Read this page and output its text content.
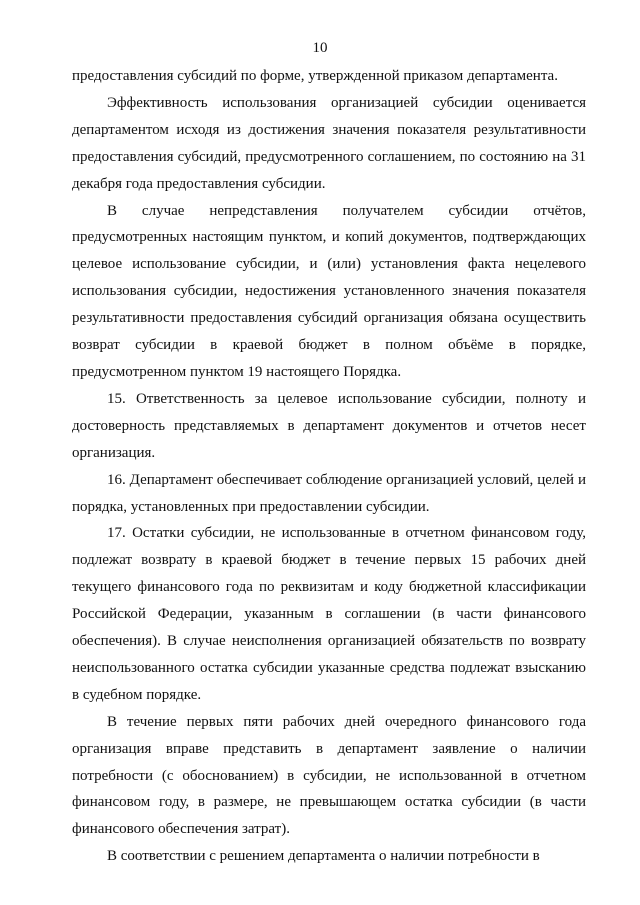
10

предоставления субсидий по форме, утвержденной приказом департамента.

Эффективность использования организацией субсидии оценивается департаментом исходя из достижения значения показателя результативности предоставления субсидий, предусмотренного соглашением, по состоянию на 31 декабря года предоставления субсидии.

В случае непредставления получателем субсидии отчётов, предусмотренных настоящим пунктом, и копий документов, подтверждающих целевое использование субсидии, и (или) установления факта нецелевого использования субсидии, недостижения установленного значения показателя результативности предоставления субсидий организация обязана осуществить возврат субсидии в краевой бюджет в полном объёме в порядке, предусмотренном пунктом 19 настоящего Порядка.

15. Ответственность за целевое использование субсидии, полноту и достоверность представляемых в департамент документов и отчетов несет организация.

16. Департамент обеспечивает соблюдение организацией условий, целей и порядка, установленных при предоставлении субсидии.

17. Остатки субсидии, не использованные в отчетном финансовом году, подлежат возврату в краевой бюджет в течение первых 15 рабочих дней текущего финансового года по реквизитам и коду бюджетной классификации Российской Федерации, указанным в соглашении (в части финансового обеспечения). В случае неисполнения организацией обязательств по возврату неиспользованного остатка субсидии указанные средства подлежат взысканию в судебном порядке.

В течение первых пяти рабочих дней очередного финансового года организация вправе представить в департамент заявление о наличии потребности (с обоснованием) в субсидии, не использованной в отчетном финансовом году, в размере, не превышающем остатка субсидии (в части финансового обеспечения затрат).

В соответствии с решением департамента о наличии потребности в
